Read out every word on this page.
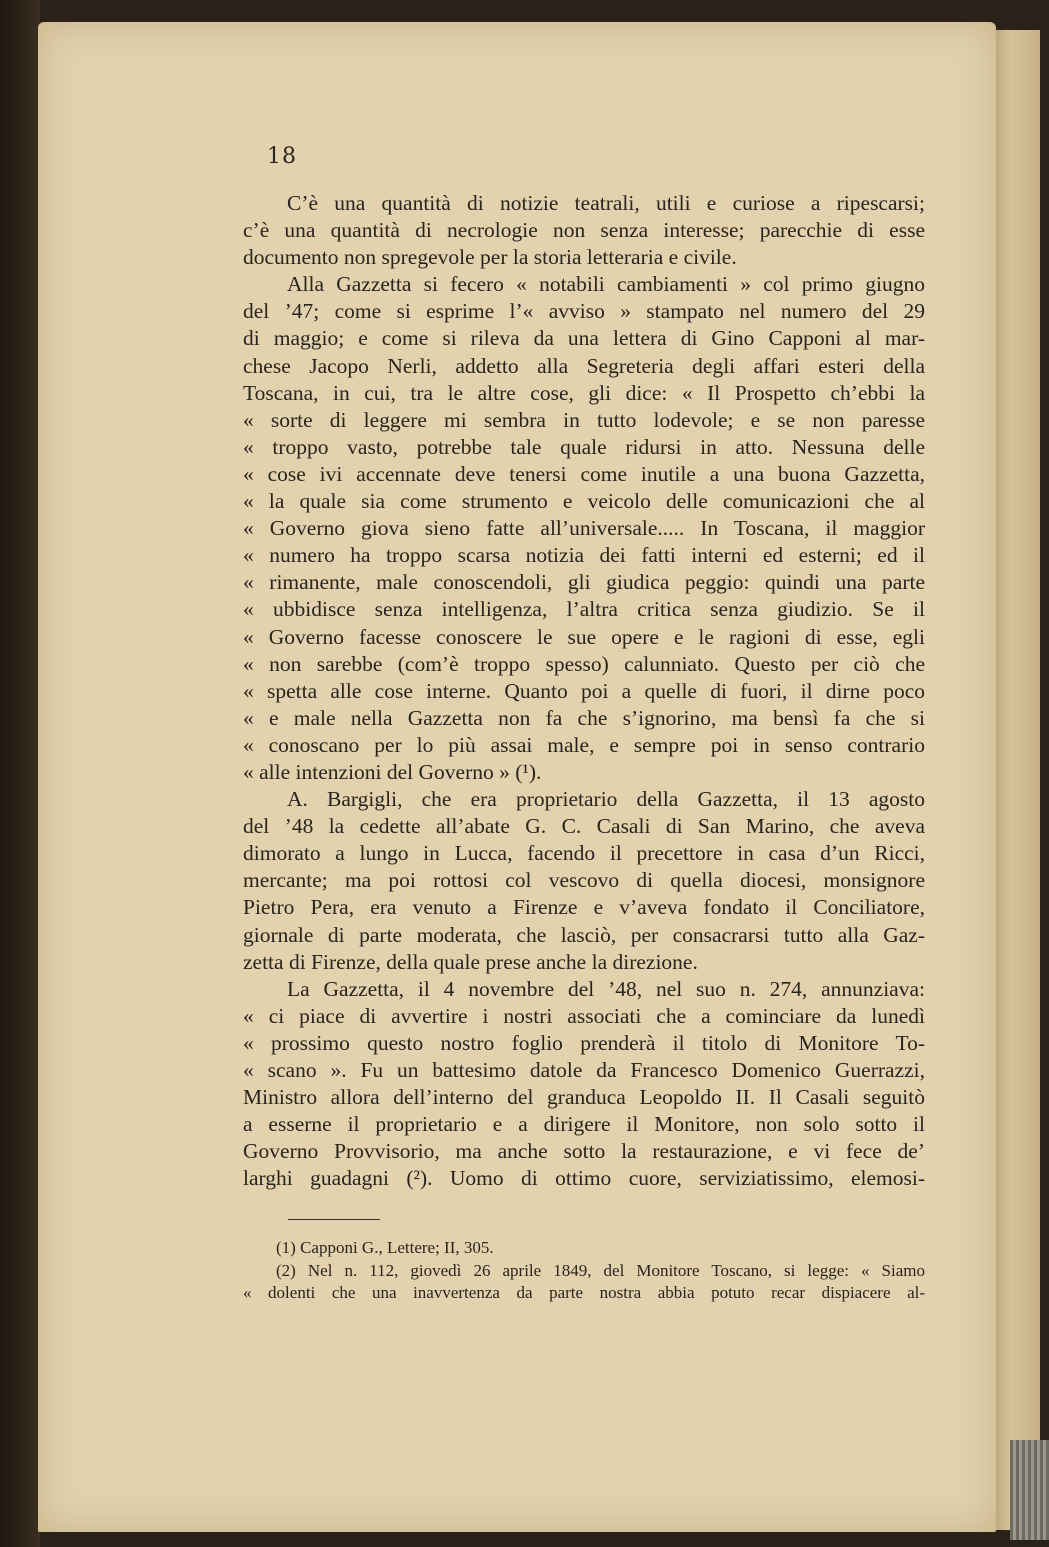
18
C’è una quantità di notizie teatrali, utili e curiose a ripescarsi;
c’è una quantità di necrologie non senza interesse; parecchie di esse
documento non spregevole per la storia letteraria e civile.
Alla Gazzetta si fecero « notabili cambiamenti » col primo giugno
del ’47; come si esprime l’« avviso » stampato nel numero del 29
di maggio; e come si rileva da una lettera di Gino Capponi al mar-
chese Jacopo Nerli, addetto alla Segreteria degli affari esteri della
Toscana, in cui, tra le altre cose, gli dice: « Il Prospetto ch’ebbi la
« sorte di leggere mi sembra in tutto lodevole; e se non paresse
« troppo vasto, potrebbe tale quale ridursi in atto. Nessuna delle
« cose ivi accennate deve tenersi come inutile a una buona Gazzetta,
« la quale sia come strumento e veicolo delle comunicazioni che al
« Governo giova sieno fatte all’universale..... In Toscana, il maggior
« numero ha troppo scarsa notizia dei fatti interni ed esterni; ed il
« rimanente, male conoscendoli, gli giudica peggio: quindi una parte
« ubbidisce senza intelligenza, l’altra critica senza giudizio. Se il
« Governo facesse conoscere le sue opere e le ragioni di esse, egli
« non sarebbe (com’è troppo spesso) calunniato. Questo per ciò che
« spetta alle cose interne. Quanto poi a quelle di fuori, il dirne poco
« e male nella Gazzetta non fa che s’ignorino, ma bensì fa che si
« conoscano per lo più assai male, e sempre poi in senso contrario
« alle intenzioni del Governo » (¹).
A. Bargigli, che era proprietario della Gazzetta, il 13 agosto
del ’48 la cedette all’abate G. C. Casali di San Marino, che aveva
dimorato a lungo in Lucca, facendo il precettore in casa d’un Ricci,
mercante; ma poi rottosi col vescovo di quella diocesi, monsignore
Pietro Pera, era venuto a Firenze e v’aveva fondato il Conciliatore,
giornale di parte moderata, che lasciò, per consacrarsi tutto alla Gaz-
zetta di Firenze, della quale prese anche la direzione.
La Gazzetta, il 4 novembre del ’48, nel suo n. 274, annunziava:
« ci piace di avvertire i nostri associati che a cominciare da lunedì
« prossimo questo nostro foglio prenderà il titolo di Monitore To-
« scano ». Fu un battesimo datole da Francesco Domenico Guerrazzi,
Ministro allora dell’interno del granduca Leopoldo II. Il Casali seguitò
a esserne il proprietario e a dirigere il Monitore, non solo sotto il
Governo Provvisorio, ma anche sotto la restaurazione, e vi fece de’
larghi guadagni (²). Uomo di ottimo cuore, serviziatissimo, elemosi-
(1) Capponi G., Lettere; II, 305.
(2) Nel n. 112, giovedì 26 aprile 1849, del Monitore Toscano, si legge: « Siamo
« dolenti che una inavvertenza da parte nostra abbia potuto recar dispiacere al-
